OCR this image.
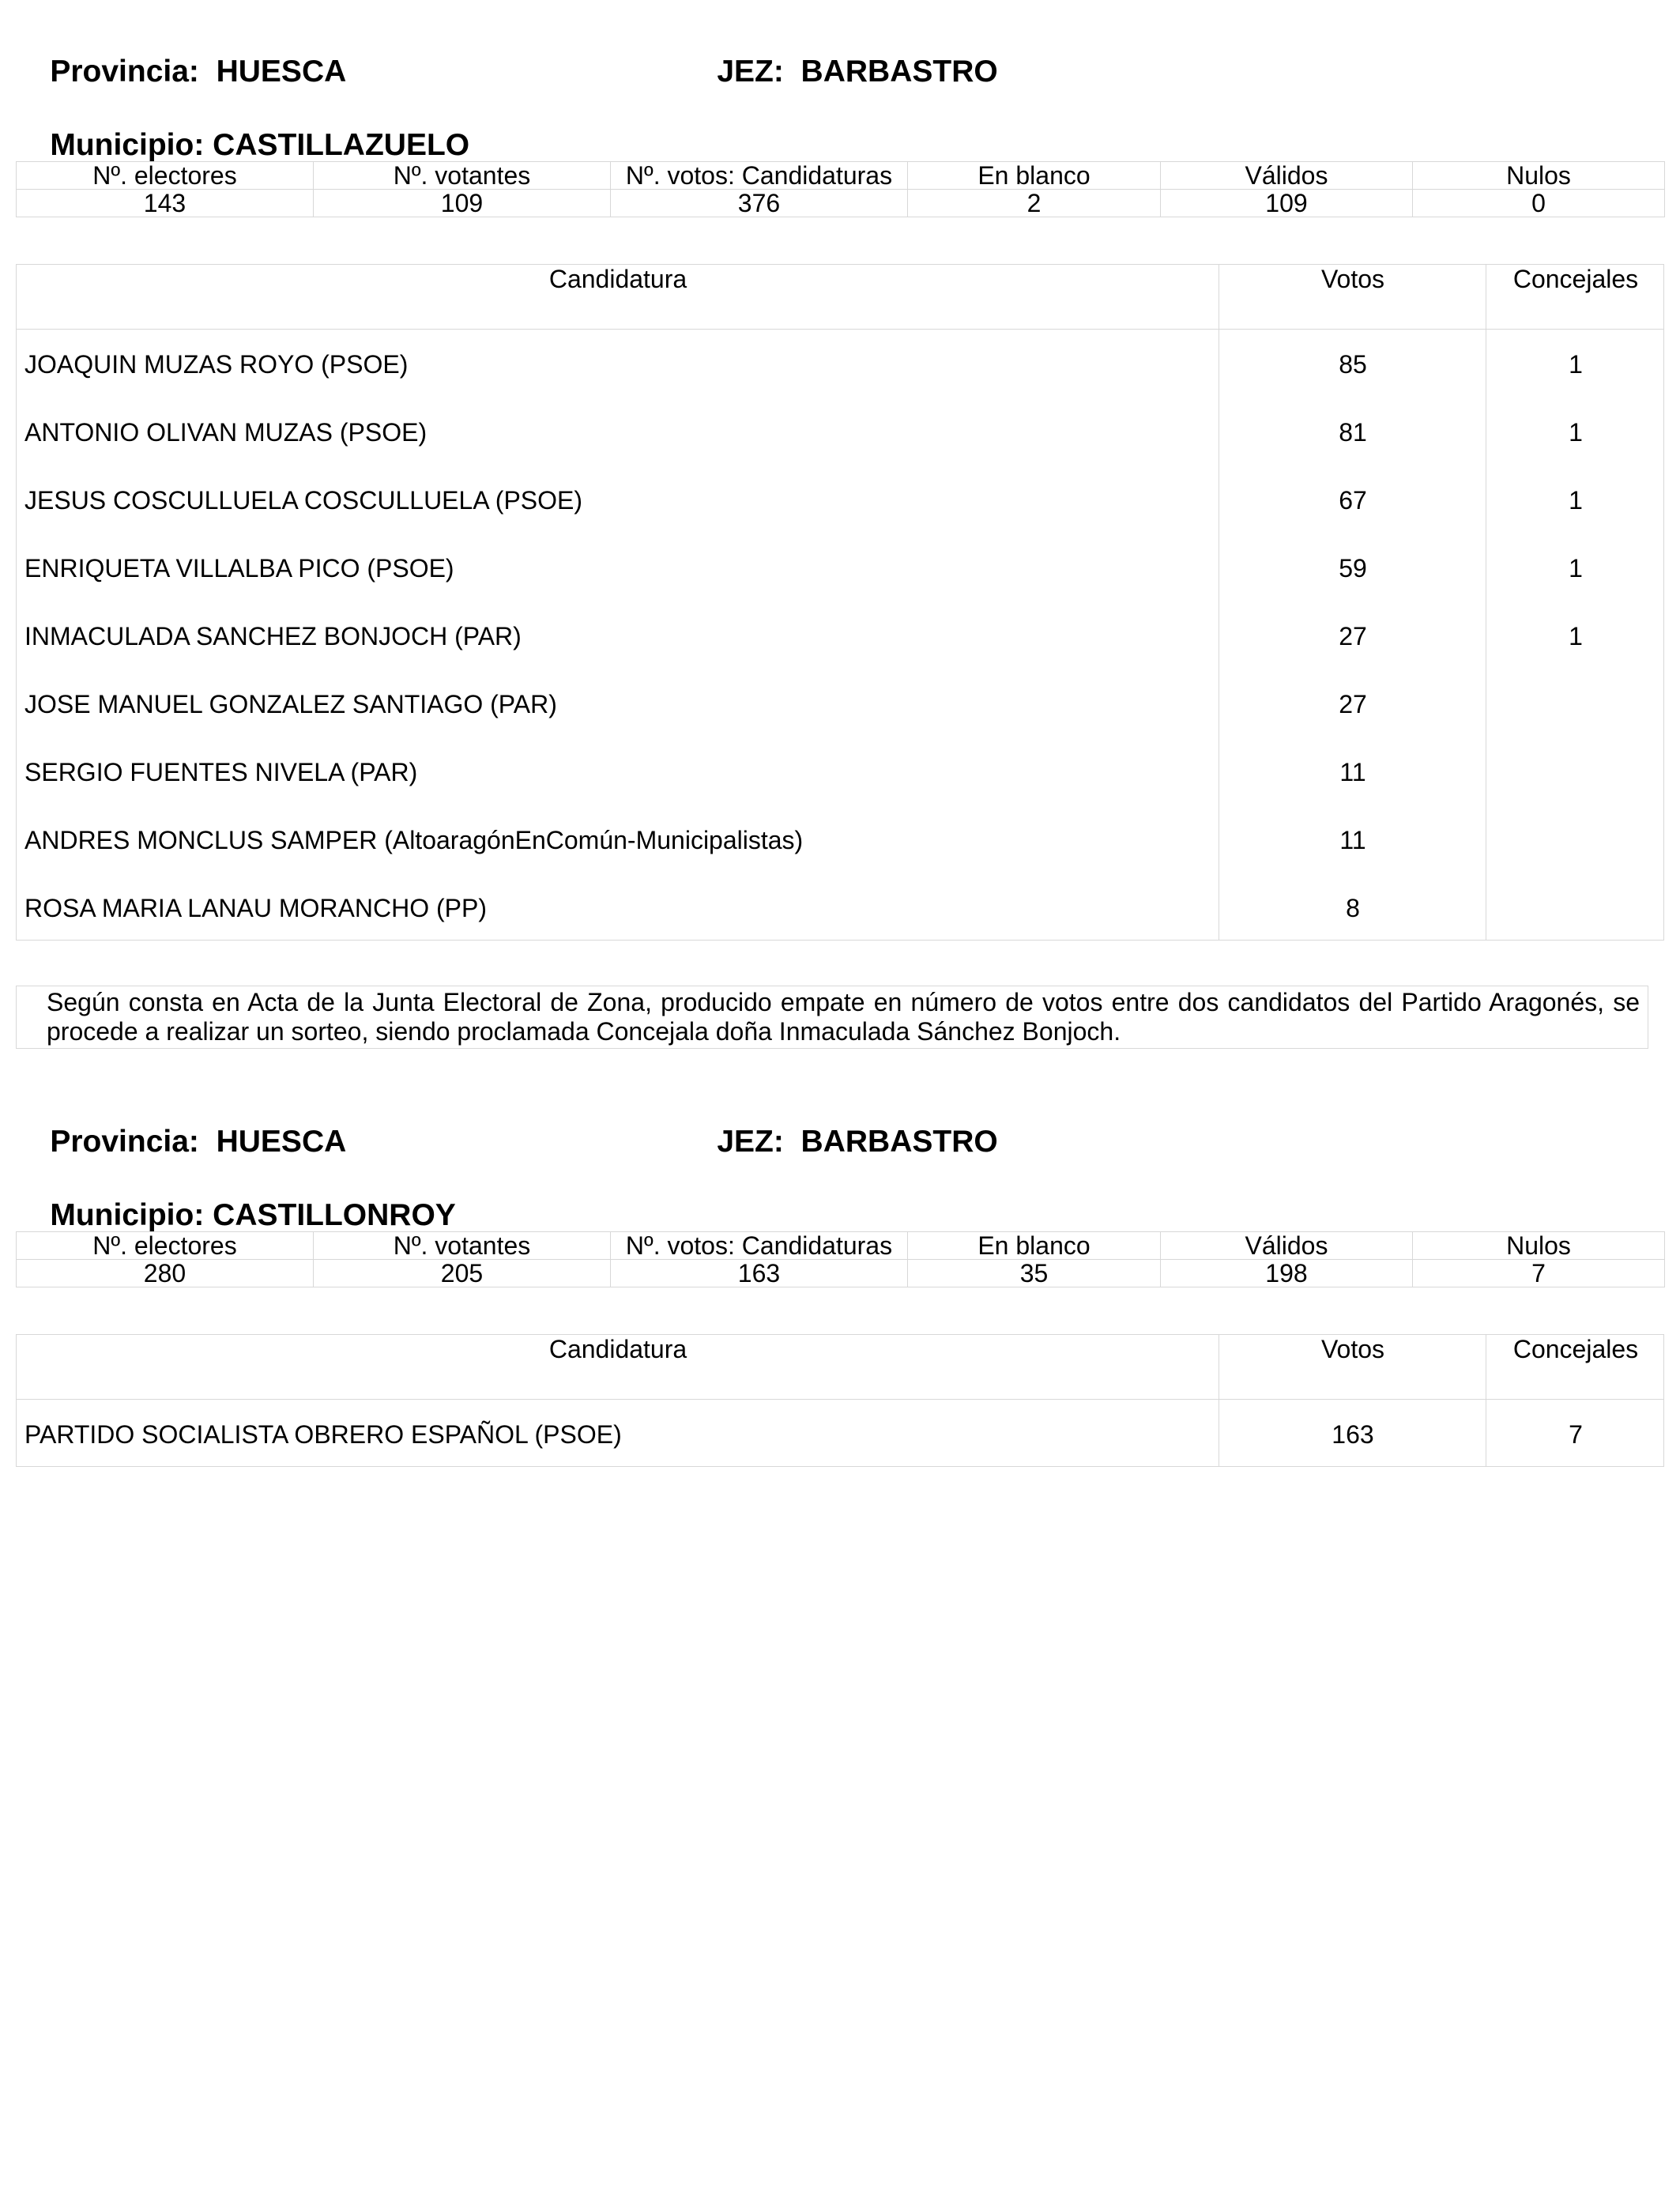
Provincia: HUESCA
	JEZ: BARBASTRO

Municipio: CASTILLAZUELO

Nº. electores	Nº. votantes	Nº. votos: Candidaturas	En blanco	Válidos	Nulos
143	109	376	2	109	0
Candidatura	Votos	Concejales
JOAQUIN MUZAS ROYO (PSOE)	85	1
ANTONIO OLIVAN MUZAS (PSOE)	81	1
JESUS COSCULLUELA COSCULLUELA (PSOE)	67	1
ENRIQUETA VILLALBA PICO (PSOE)	59	1
INMACULADA SANCHEZ BONJOCH (PAR)	27	1
JOSE MANUEL GONZALEZ SANTIAGO (PAR)	27
SERGIO FUENTES NIVELA (PAR)	11
ANDRES MONCLUS SAMPER (AltoaragónEnComún-Municipalistas)	11
ROSA MARIA LANAU MORANCHO (PP)	8
Según consta en Acta de la Junta Electoral de Zona, producido empate en número de votos entre dos candidatos del Partido Aragonés, se procede a realizar un sorteo, siendo proclamada Concejala doña Inmaculada Sánchez Bonjoch.

Provincia: HUESCA
	JEZ: BARBASTRO

Municipio: CASTILLONROY

Nº. electores	Nº. votantes	Nº. votos: Candidaturas	En blanco	Válidos	Nulos
280	205	163	35	198	7
Candidatura	Votos	Concejales
PARTIDO SOCIALISTA OBRERO ESPAÑOL (PSOE)	163	7
